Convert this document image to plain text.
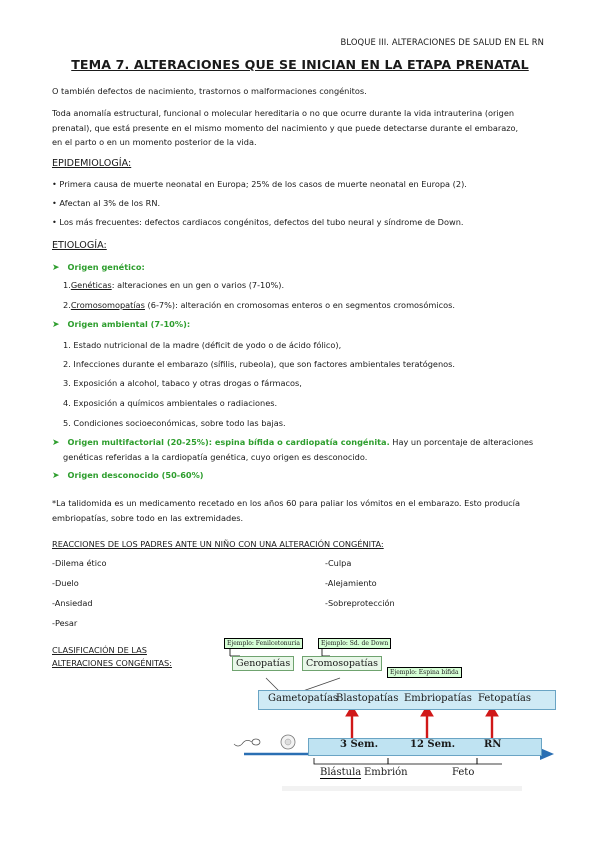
BLOQUE III. ALTERACIONES DE SALUD EN EL RN
TEMA 7. ALTERACIONES QUE SE INICIAN EN LA ETAPA PRENATAL
O también defectos de nacimiento, trastornos o malformaciones congénitos.
Toda anomalía estructural, funcional o molecular hereditaria o no que ocurre durante la vida intrauterina (origen
prenatal), que está presente en el mismo momento del nacimiento y que puede detectarse durante el embarazo,
en el parto o en un momento posterior de la vida.
EPIDEMIOLOGÍA:
• Primera causa de muerte neonatal en Europa; 25% de los casos de muerte neonatal en Europa (2).
• Afectan al 3% de los RN.
• Los más frecuentes: defectos cardiacos congénitos, defectos del tubo neural y síndrome de Down.
ETIOLOGÍA:
➤ Origen genético:
1.Genéticas: alteraciones en un gen o varios (7-10%).
2.Cromosomopatías (6-7%): alteración en cromosomas enteros o en segmentos cromosómicos.
➤ Origen ambiental (7-10%):
1. Estado nutricional de la madre (déficit de yodo o de ácido fólico),
2. Infecciones durante el embarazo (sífilis, rubeola), que son factores ambientales teratógenos.
3. Exposición a alcohol, tabaco y otras drogas o fármacos,
4. Exposición a químicos ambientales o radiaciones.
5. Condiciones socioeconómicas, sobre todo las bajas.
➤ Origen multifactorial (20-25%): espina bífida o cardiopatía congénita. Hay un porcentaje de alteraciones
genéticas referidas a la cardiopatía genética, cuyo origen es desconocido.
➤ Origen desconocido (50-60%)
*La talidomida es un medicamento recetado en los años 60 para paliar los vómitos en el embarazo. Esto producía
embriopatías, sobre todo en las extremidades.
REACCIONES DE LOS PADRES ANTE UN NIÑO CON UNA ALTERACIÓN CONGÉNITA:
-Dilema ético
-Duelo
-Ansiedad
-Pesar
-Culpa
-Alejamiento
-Sobreprotección
CLASIFICACIÓN DE LAS
ALTERACIONES CONGÉNITAS:
Ejemplo: Fenilcetonuria	Ejemplo: Sd. de Down
Ejemplo: Espina bífida
Genopatías	Cromosopatías
Gametopatías
Blastopatías Embriopatías Fetopatías
3 Sem.	12 Sem.	RN
Blástula Embrión	Feto
